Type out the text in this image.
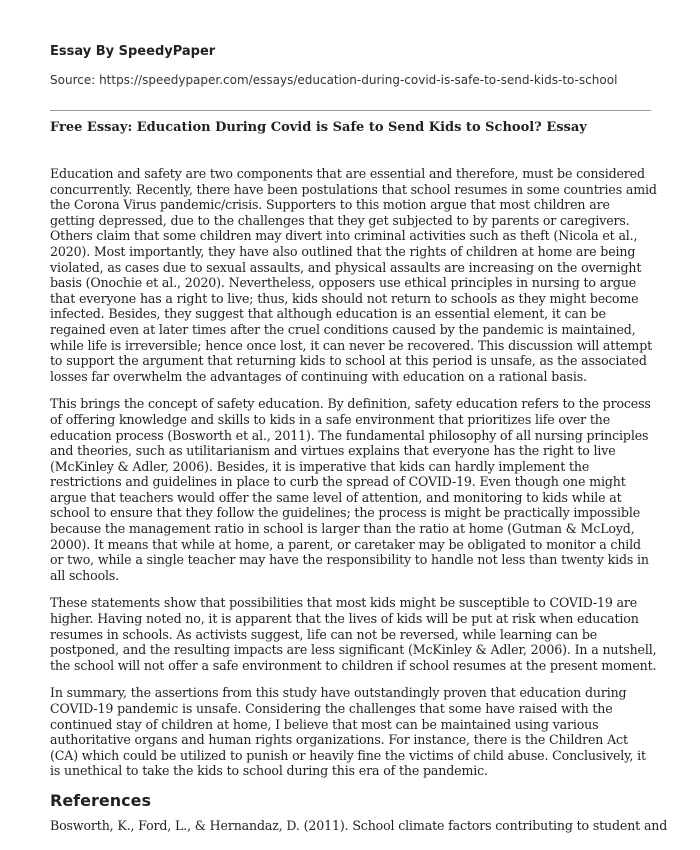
Essay By SpeedyPaper
Source: https://speedypaper.com/essays/education-during-covid-is-safe-to-send-kids-to-school
Free Essay: Education During Covid is Safe to Send Kids to School? Essay

Education and safety are two components that are essential and therefore, must be considered concurrently. Recently, there have been postulations that school resumes in some countries amid the Corona Virus pandemic/crisis. Supporters to this motion argue that most children are getting depressed, due to the challenges that they get subjected to by parents or caregivers. Others claim that some children may divert into criminal activities such as theft (Nicola et al., 2020). Most importantly, they have also outlined that the rights of children at home are being violated, as cases due to sexual assaults, and physical assaults are increasing on the overnight basis (Onochie et al., 2020). Nevertheless, opposers use ethical principles in nursing to argue that everyone has a right to live; thus, kids should not return to schools as they might become infected. Besides, they suggest that although education is an essential element, it can be regained even at later times after the cruel conditions caused by the pandemic is maintained, while life is irreversible; hence once lost, it can never be recovered. This discussion will attempt to support the argument that returning kids to school at this period is unsafe, as the associated losses far overwhelm the advantages of continuing with education on a rational basis.

This brings the concept of safety education. By definition, safety education refers to the process of offering knowledge and skills to kids in a safe environment that prioritizes life over the education process (Bosworth et al., 2011). The fundamental philosophy of all nursing principles and theories, such as utilitarianism and virtues explains that everyone has the right to live (McKinley & Adler, 2006). Besides, it is imperative that kids can hardly implement the restrictions and guidelines in place to curb the spread of COVID-19. Even though one might argue that teachers would offer the same level of attention, and monitoring to kids while at school to ensure that they follow the guidelines; the process is might be practically impossible because the management ratio in school is larger than the ratio at home (Gutman & McLoyd, 2000). It means that while at home, a parent, or caretaker may be obligated to monitor a child or two, while a single teacher may have the responsibility to handle not less than twenty kids in all schools.

These statements show that possibilities that most kids might be susceptible to COVID-19 are higher. Having noted no, it is apparent that the lives of kids will be put at risk when education resumes in schools. As activists suggest, life can not be reversed, while learning can be postponed, and the resulting impacts are less significant (McKinley & Adler, 2006). In a nutshell, the school will not offer a safe environment to children if school resumes at the present moment.

In summary, the assertions from this study have outstandingly proven that education during COVID-19 pandemic is unsafe. Considering the challenges that some have raised with the continued stay of children at home, I believe that most can be maintained using various authoritative organs and human rights organizations. For instance, there is the Children Act (CA) which could be utilized to punish or heavily fine the victims of child abuse. Conclusively, it is unethical to take the kids to school during this era of the pandemic.

References
Bosworth, K., Ford, L., & Hernandaz, D. (2011). School climate factors contributing to student and
